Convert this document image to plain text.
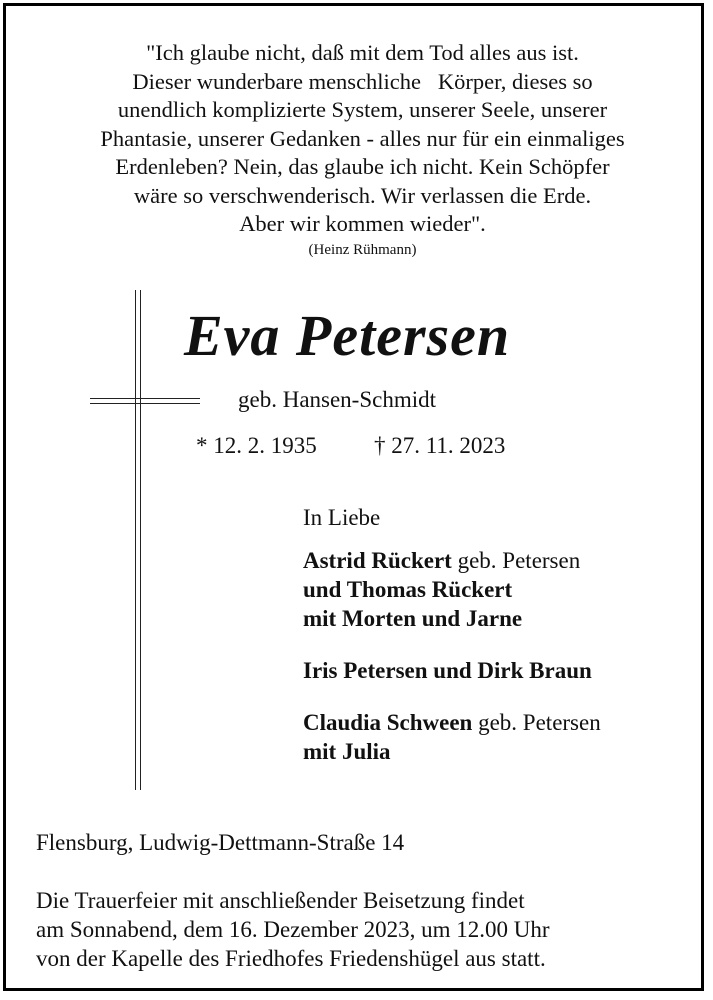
"Ich glaube nicht, daß mit dem Tod alles aus ist.
Dieser wunderbare menschliche   Körper, dieses so
unendlich komplizierte System, unserer Seele, unserer
Phantasie, unserer Gedanken - alles nur für ein einmaliges
Erdenleben? Nein, das glaube ich nicht. Kein Schöpfer
wäre so verschwenderisch. Wir verlassen die Erde.
Aber wir kommen wieder".
(Heinz Rühmann)
Eva Petersen
geb. Hansen-Schmidt
* 12. 2. 1935 † 27. 11. 2023
In Liebe
Astrid Rückert geb. Petersen
und Thomas Rückert
mit Morten und Jarne
Iris Petersen und Dirk Braun
Claudia Schween geb. Petersen
mit Julia
Flensburg, Ludwig-Dettmann-Straße 14
Die Trauerfeier mit anschließender Beisetzung findet
am Sonnabend, dem 16. Dezember 2023, um 12.00 Uhr
von der Kapelle des Friedhofes Friedenshügel aus statt.
